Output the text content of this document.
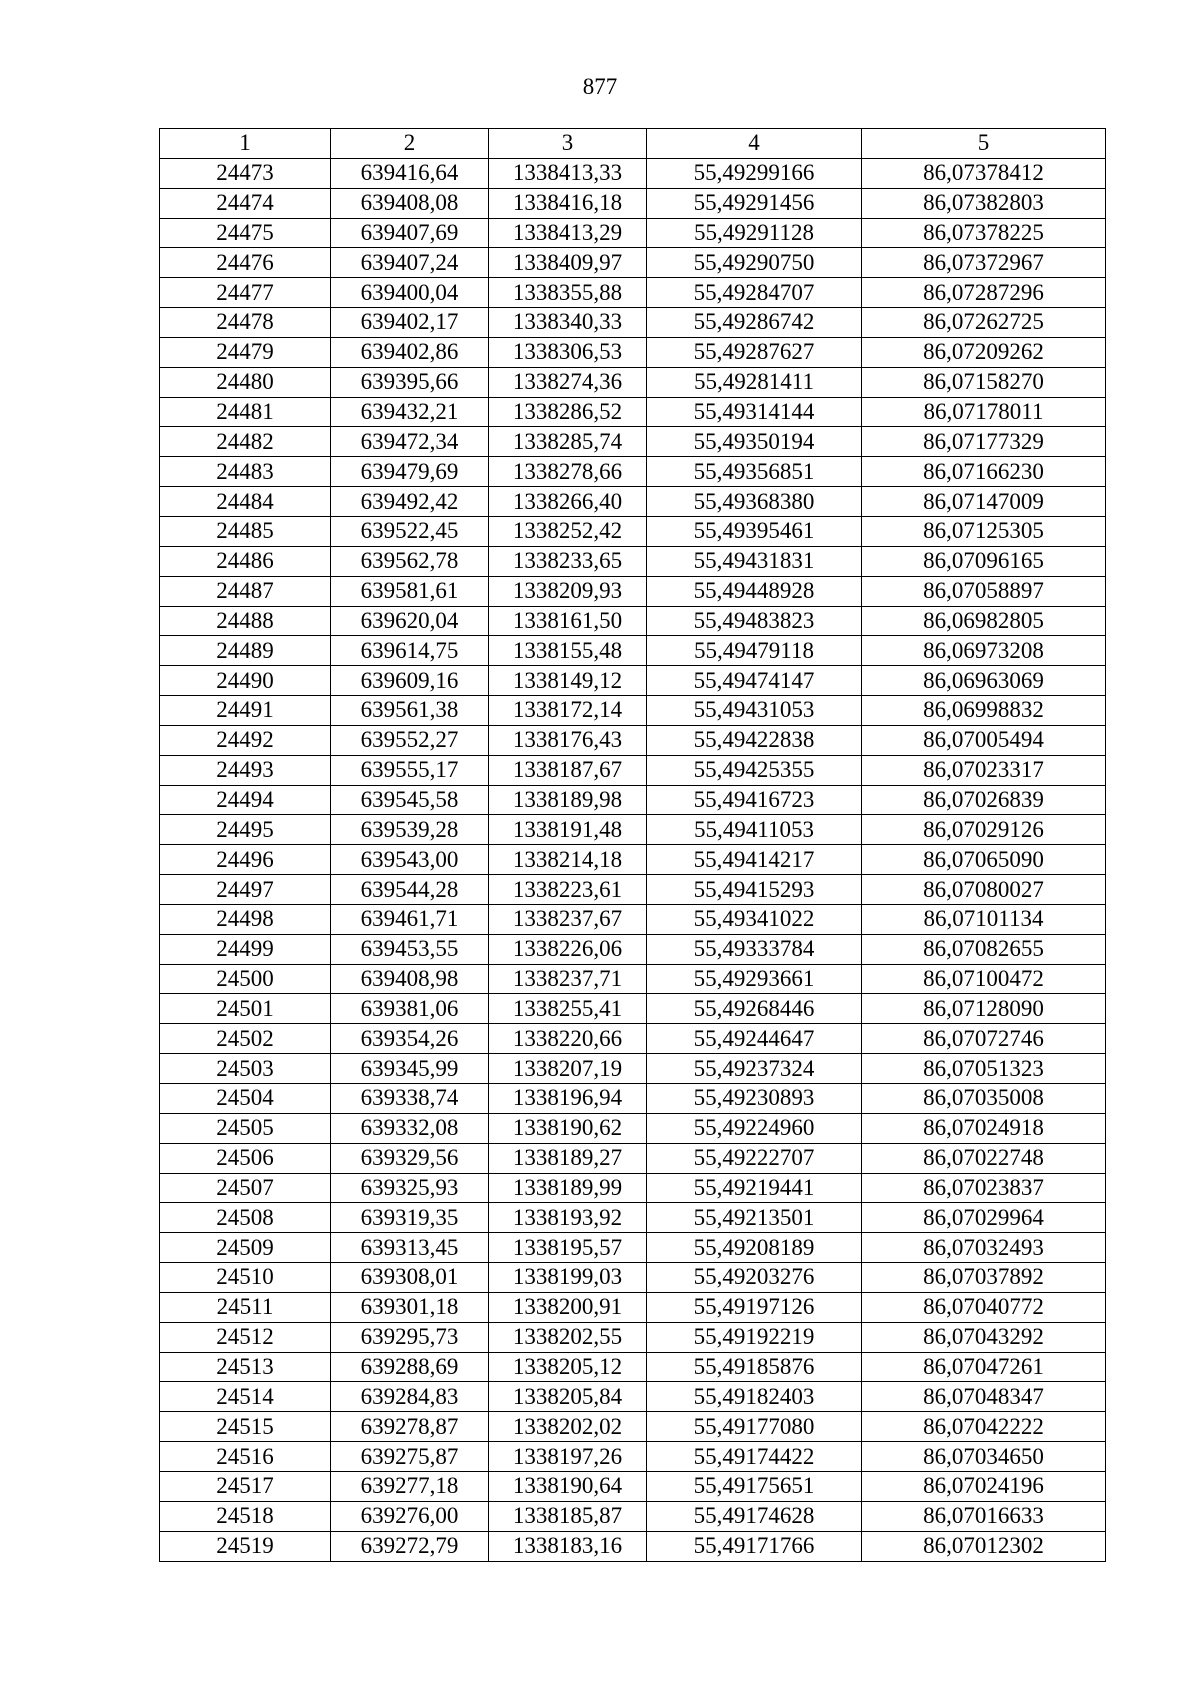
877
1	2	3	4	5
24473	639416,64	1338413,33	55,49299166	86,07378412
24474	639408,08	1338416,18	55,49291456	86,07382803
24475	639407,69	1338413,29	55,49291128	86,07378225
24476	639407,24	1338409,97	55,49290750	86,07372967
24477	639400,04	1338355,88	55,49284707	86,07287296
24478	639402,17	1338340,33	55,49286742	86,07262725
24479	639402,86	1338306,53	55,49287627	86,07209262
24480	639395,66	1338274,36	55,49281411	86,07158270
24481	639432,21	1338286,52	55,49314144	86,07178011
24482	639472,34	1338285,74	55,49350194	86,07177329
24483	639479,69	1338278,66	55,49356851	86,07166230
24484	639492,42	1338266,40	55,49368380	86,07147009
24485	639522,45	1338252,42	55,49395461	86,07125305
24486	639562,78	1338233,65	55,49431831	86,07096165
24487	639581,61	1338209,93	55,49448928	86,07058897
24488	639620,04	1338161,50	55,49483823	86,06982805
24489	639614,75	1338155,48	55,49479118	86,06973208
24490	639609,16	1338149,12	55,49474147	86,06963069
24491	639561,38	1338172,14	55,49431053	86,06998832
24492	639552,27	1338176,43	55,49422838	86,07005494
24493	639555,17	1338187,67	55,49425355	86,07023317
24494	639545,58	1338189,98	55,49416723	86,07026839
24495	639539,28	1338191,48	55,49411053	86,07029126
24496	639543,00	1338214,18	55,49414217	86,07065090
24497	639544,28	1338223,61	55,49415293	86,07080027
24498	639461,71	1338237,67	55,49341022	86,07101134
24499	639453,55	1338226,06	55,49333784	86,07082655
24500	639408,98	1338237,71	55,49293661	86,07100472
24501	639381,06	1338255,41	55,49268446	86,07128090
24502	639354,26	1338220,66	55,49244647	86,07072746
24503	639345,99	1338207,19	55,49237324	86,07051323
24504	639338,74	1338196,94	55,49230893	86,07035008
24505	639332,08	1338190,62	55,49224960	86,07024918
24506	639329,56	1338189,27	55,49222707	86,07022748
24507	639325,93	1338189,99	55,49219441	86,07023837
24508	639319,35	1338193,92	55,49213501	86,07029964
24509	639313,45	1338195,57	55,49208189	86,07032493
24510	639308,01	1338199,03	55,49203276	86,07037892
24511	639301,18	1338200,91	55,49197126	86,07040772
24512	639295,73	1338202,55	55,49192219	86,07043292
24513	639288,69	1338205,12	55,49185876	86,07047261
24514	639284,83	1338205,84	55,49182403	86,07048347
24515	639278,87	1338202,02	55,49177080	86,07042222
24516	639275,87	1338197,26	55,49174422	86,07034650
24517	639277,18	1338190,64	55,49175651	86,07024196
24518	639276,00	1338185,87	55,49174628	86,07016633
24519	639272,79	1338183,16	55,49171766	86,07012302
